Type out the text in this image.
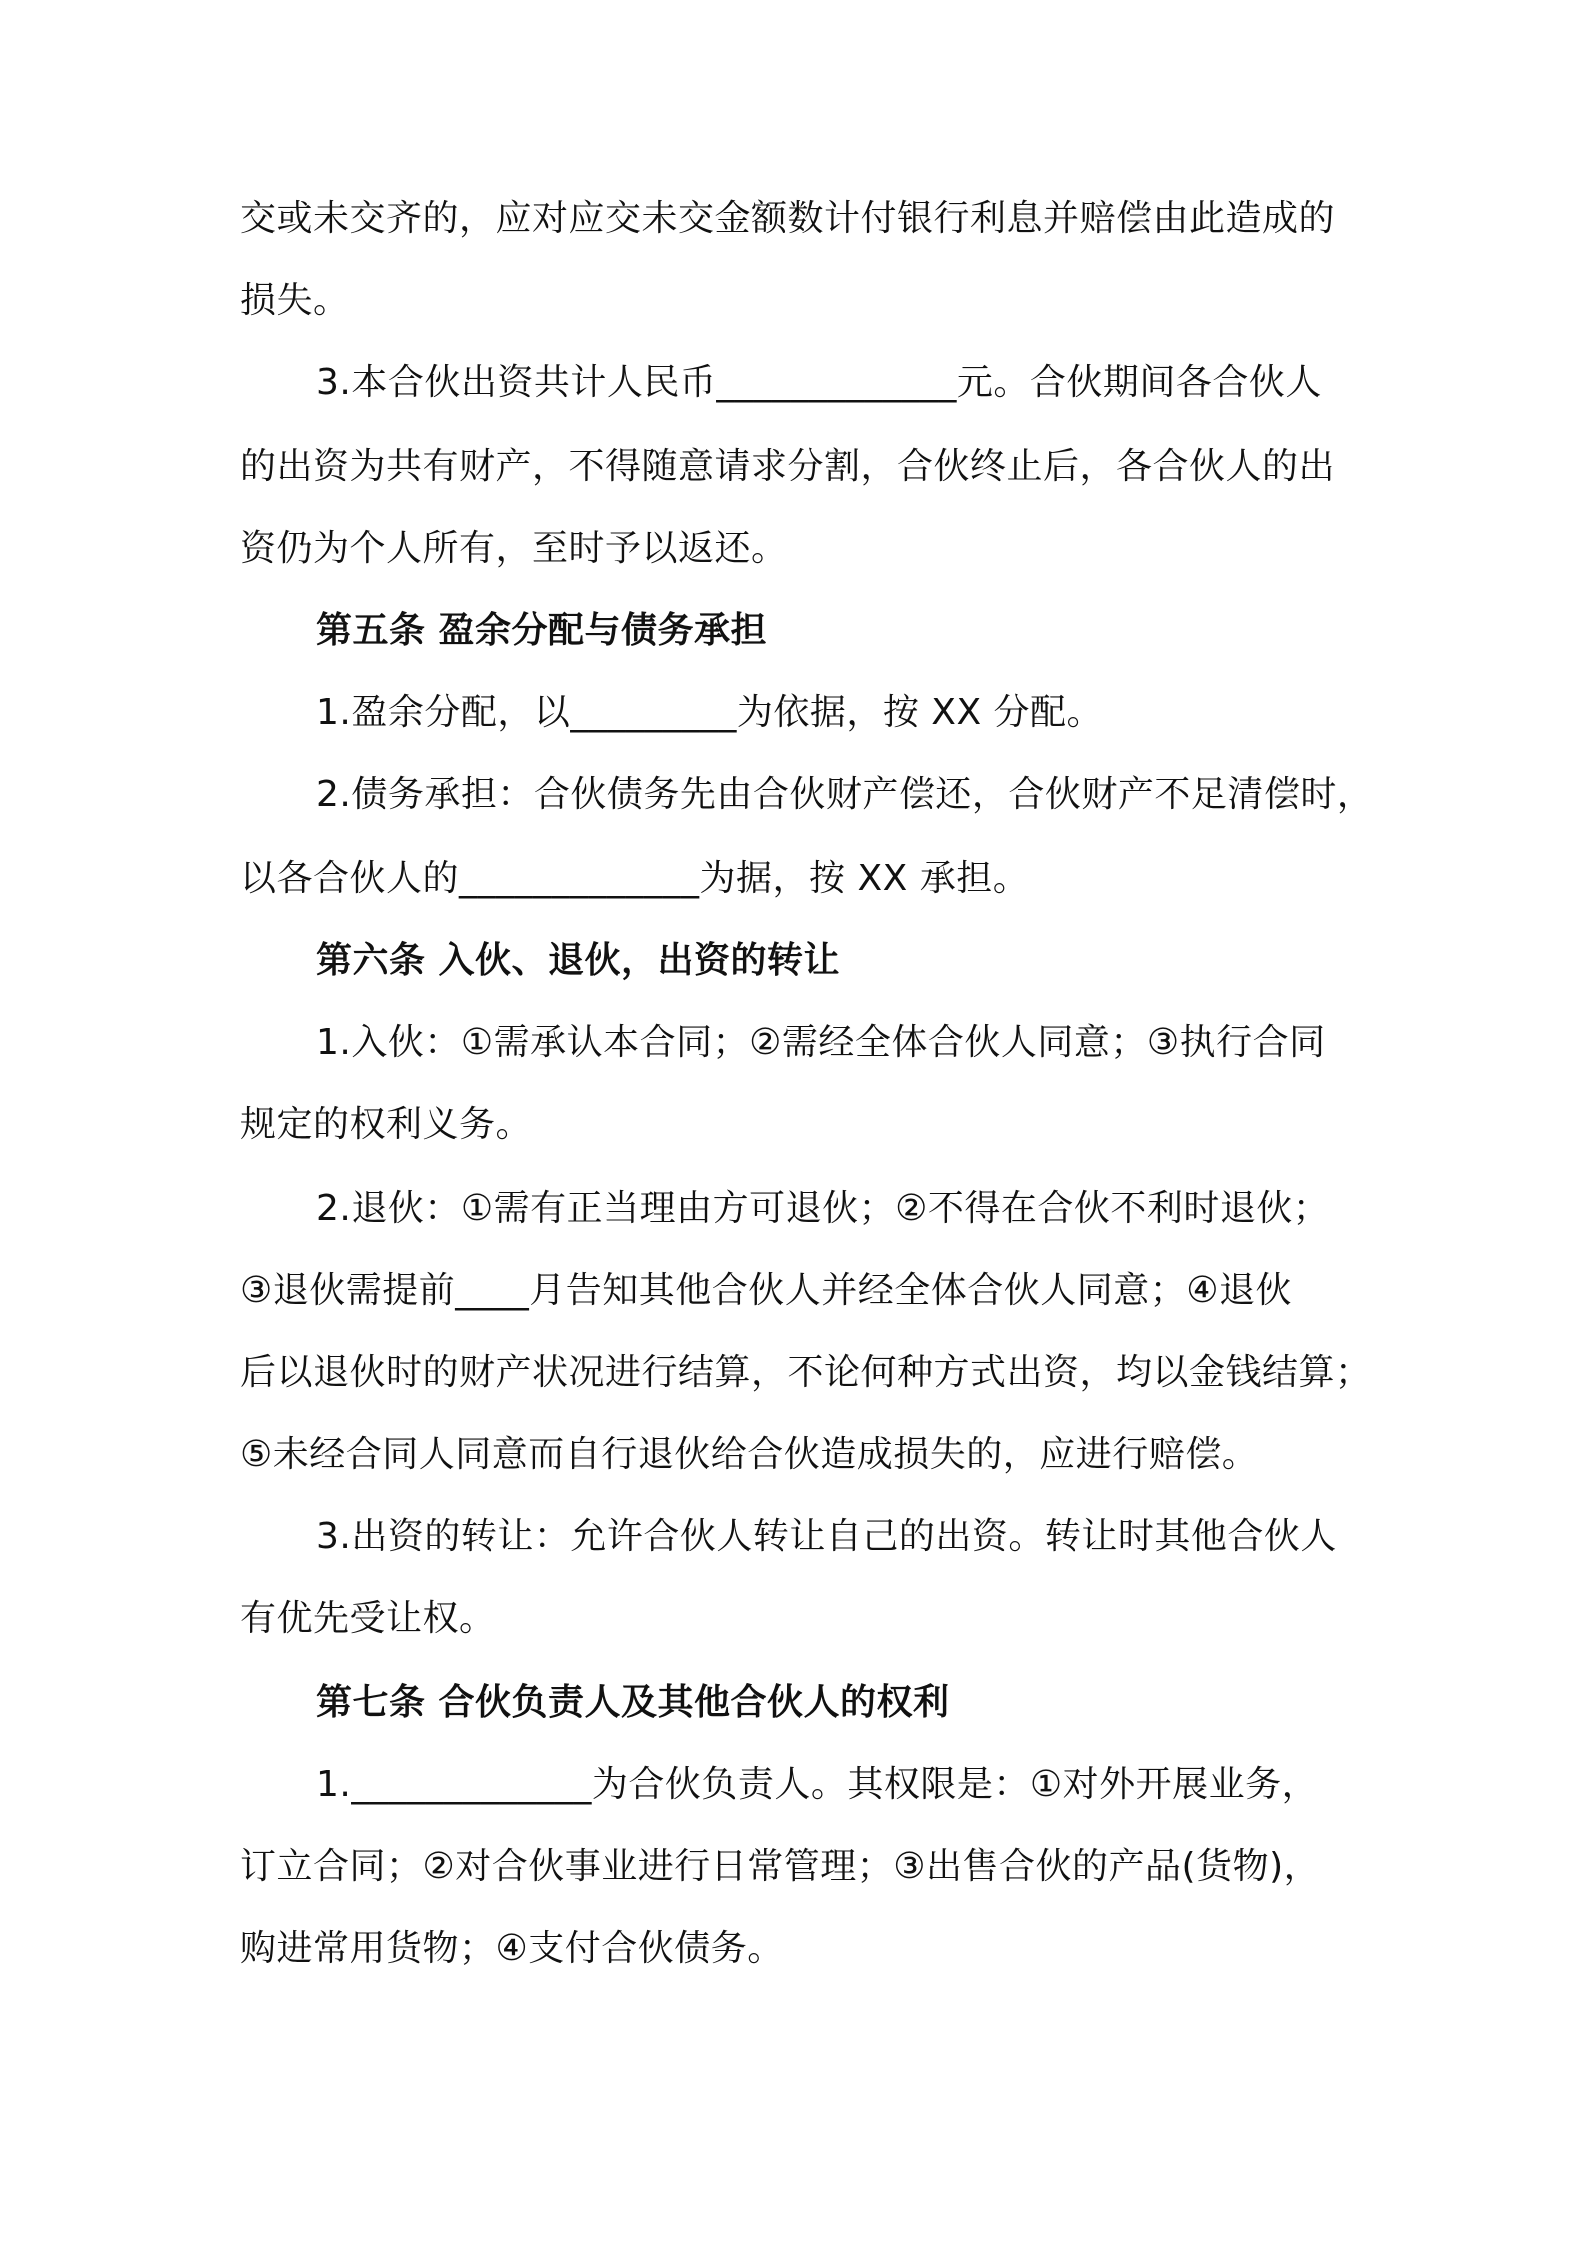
交或未交齐的，应对应交未交金额数计付银行利息并赔偿由此造成的
损失。
3.本合伙出资共计人民币_____________元。合伙期间各合伙人
的出资为共有财产，不得随意请求分割，合伙终止后，各合伙人的出
资仍为个人所有，至时予以返还。
第五条 盈余分配与债务承担
1.盈余分配，以_________为依据，按 XX 分配。
2.债务承担：合伙债务先由合伙财产偿还，合伙财产不足清偿时，
以各合伙人的_____________为据，按 XX 承担。
第六条 入伙、退伙，出资的转让
1.入伙：①需承认本合同；②需经全体合伙人同意；③执行合同
规定的权利义务。
2.退伙：①需有正当理由方可退伙；②不得在合伙不利时退伙；
③退伙需提前____月告知其他合伙人并经全体合伙人同意；④退伙
后以退伙时的财产状况进行结算，不论何种方式出资，均以金钱结算；
⑤未经合同人同意而自行退伙给合伙造成损失的，应进行赔偿。
3.出资的转让：允许合伙人转让自己的出资。转让时其他合伙人
有优先受让权。
第七条 合伙负责人及其他合伙人的权利
1._____________为合伙负责人。其权限是：①对外开展业务，
订立合同；②对合伙事业进行日常管理；③出售合伙的产品(货物)，
购进常用货物；④支付合伙债务。
